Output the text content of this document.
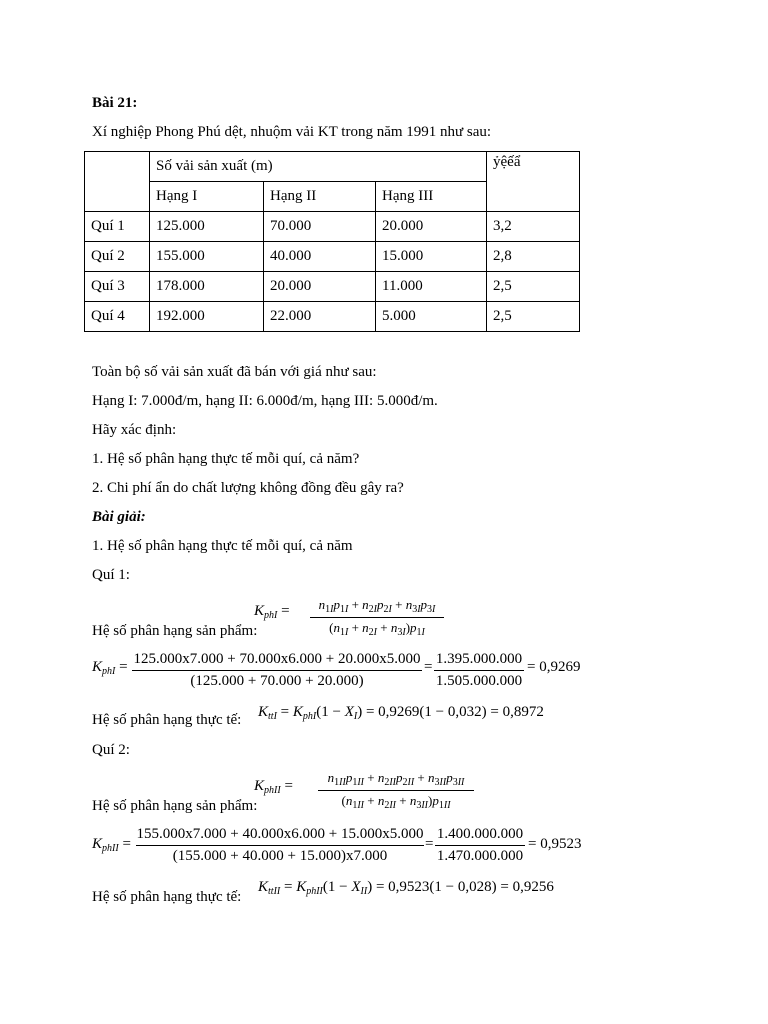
Bài 21:
Xí nghiệp Phong Phú dệt, nhuộm vải KT trong năm 1991 như sau:
	Số vải sản xuất (m)			ỷệếẩ
	Hạng I	Hạng II	Hạng III	
Quí 1	125.000	70.000	20.000	3,2
Quí 2	155.000	40.000	15.000	2,8
Quí 3	178.000	20.000	11.000	2,5
Quí 4	192.000	22.000	5.000	2,5
Toàn bộ số vải sản xuất đã bán với giá như sau:
Hạng I: 7.000đ/m, hạng II: 6.000đ/m, hạng III: 5.000đ/m.
Hãy xác định:
1. Hệ số phân hạng thực tế mỗi quí, cả năm?
2. Chi phí ẩn do chất lượng không đồng đều gây ra?
Bài giải:
1. Hệ số phân hạng thực tế mỗi quí, cả năm
Quí 1:
$K_{phI}$ =	$n_{1I}p_{1I} + n_{2I}p_{2I} + n_{3I}p_{3I}$
$(n_{1I} + n_{2I} + n_{3I})p_{1I}$
Hệ số phân hạng sản phẩm:
$K_{phI} = 125.000x7.000 + 70.000x6.000 + 20.000x5.000$
(125.000 + 70.000 + 20.000)
= 1.395.000.000
1.505.000.000
= 0,9269
Hệ số phân hạng thực tế: $K_{ttI} = K_{phI}(1 - X_I) = 0,9269(1 - 0,032) = 0,8972$
Quí 2:
$K_{phII}$ =
$n_{1II}p_{1II} + n_{2II}p_{2II} + n_{3II}p_{3II}$
$(n_{1II} + n_{2II} + n_{3II})p_{1II}$
Hệ số phân hạng sản phẩm:
$K_{phII}$ =
155.000x7.000 + 40.000x6.000 + 15.000x5.000
(155.000 + 40.000 + 15.000)x7.000
=
1.400.000.000
1.470.000.000
= 0,9523
Hệ số phân hạng thực tế:
$K_{ttII} = K_{phII}(1 - X_{II}) = 0,9523(1 - 0,028) = 0,9256$
